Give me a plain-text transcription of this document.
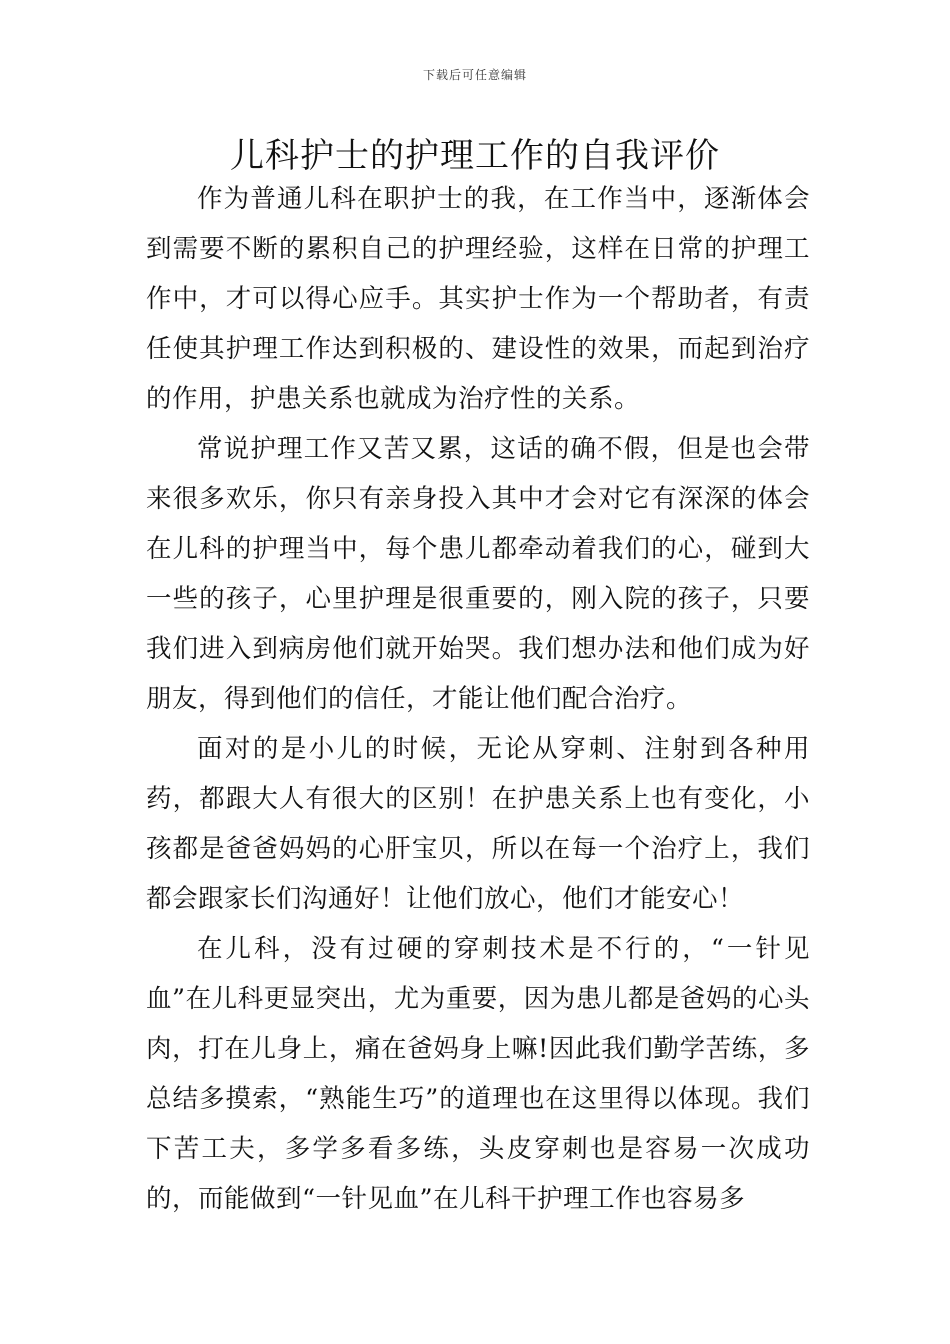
下载后可任意编辑
儿科护士的护理工作的自我评价

作为普通儿科在职护士的我，在工作当中，逐渐体会到需要不断的累积自己的护理经验，这样在日常的护理工作中，才可以得心应手。其实护士作为一个帮助者，有责任使其护理工作达到积极的、建设性的效果，而起到治疗的作用，护患关系也就成为治疗性的关系。

常说护理工作又苦又累，这话的确不假，但是也会带来很多欢乐，你只有亲身投入其中才会对它有深深的体会在儿科的护理当中，每个患儿都牵动着我们的心，碰到大一些的孩子，心里护理是很重要的，刚入院的孩子，只要我们进入到病房他们就开始哭。我们想办法和他们成为好朋友，得到他们的信任，才能让他们配合治疗。

面对的是小儿的时候，无论从穿刺、注射到各种用药，都跟大人有很大的区别！在护患关系上也有变化，小孩都是爸爸妈妈的心肝宝贝，所以在每一个治疗上，我们都会跟家长们沟通好！让他们放心，他们才能安心！

在儿科，没有过硬的穿刺技术是不行的，“一针见血”在儿科更显突出，尤为重要，因为患儿都是爸妈的心头肉，打在儿身上，痛在爸妈身上嘛!因此我们勤学苦练，多总结多摸索，“熟能生巧”的道理也在这里得以体现。我们下苦工夫，多学多看多练，头皮穿刺也是容易一次成功的，而能做到“一针见血”在儿科干护理工作也容易多
